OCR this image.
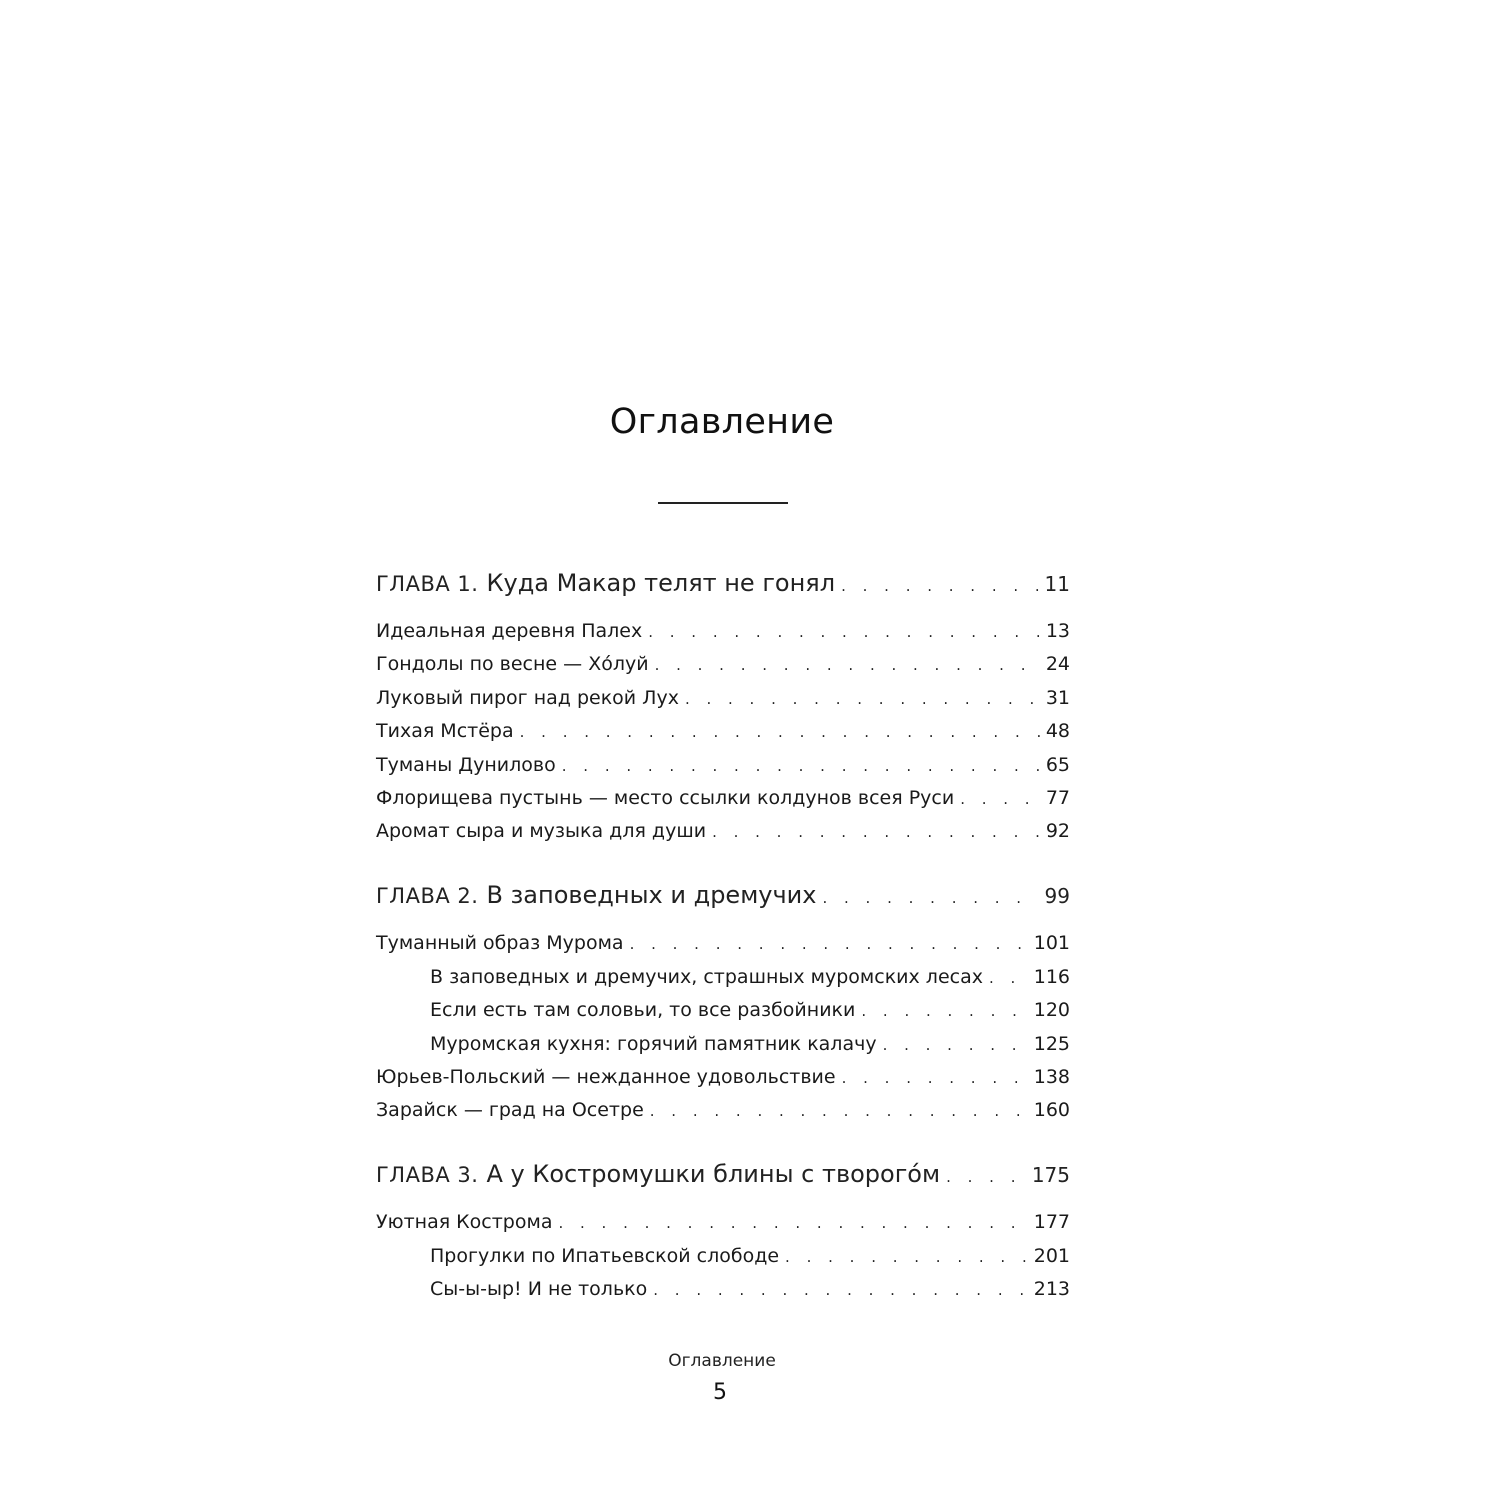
Оглавление
ГЛАВА 1. Куда Макар телят не гонял . . .	11
Идеальная деревня Палех . . .	13
Гондолы по весне — Хóлуй . . .	24
Луковый пирог над рекой Лух . . .	31
Тихая Мстёра . . .	48
Туманы Дунилово . . .	65
Флорищева пустынь — место ссылки колдунов всея Руси . . .	77
Аромат сыра и музыка для души . . .	92
ГЛАВА 2. В заповедных и дремучих . . .	99
Туманный образ Мурома . . .	101
В заповедных и дремучих, страшных муромских лесах . . .	116
Если есть там соловьи, то все разбойники . . .	120
Муромская кухня: горячий памятник калачу . . .	125
Юрьев-Польский — нежданное удовольствие . . .	138
Зарайск — град на Осетре . . .	160
ГЛАВА 3. А у Костромушки блины с творогóм . . .	175
Уютная Кострома . . .	177
Прогулки по Ипатьевской слободе . . .	201
Сы-ы-ыр! И не только . . .	213
Оглавление
5
